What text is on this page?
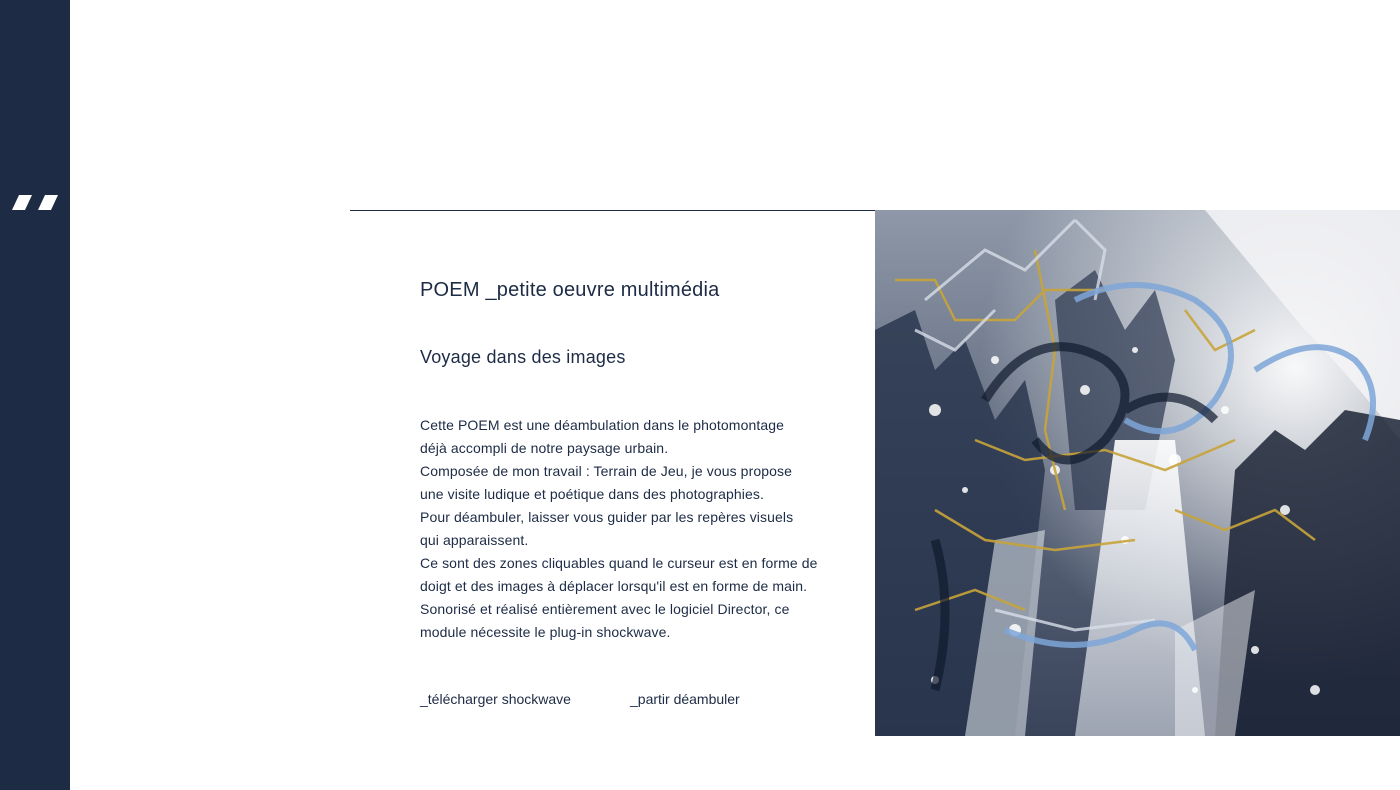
POEM _petite oeuvre multimédia
Voyage dans des images

Cette POEM est une déambulation dans le photomontage

déjà accompli de notre paysage urbain.

Composée de mon travail : Terrain de Jeu, je vous propose

une visite ludique et poétique dans des photographies.

Pour déambuler, laisser vous guider par les repères visuels

qui apparaissent.

Ce sont des zones cliquables quand le curseur est en forme de

doigt et des images à déplacer lorsqu'il est en forme de main.

Sonorisé et réalisé entièrement avec le logiciel Director, ce

module nécessite le plug-in shockwave.

_télécharger shockwave	_partir déambuler
